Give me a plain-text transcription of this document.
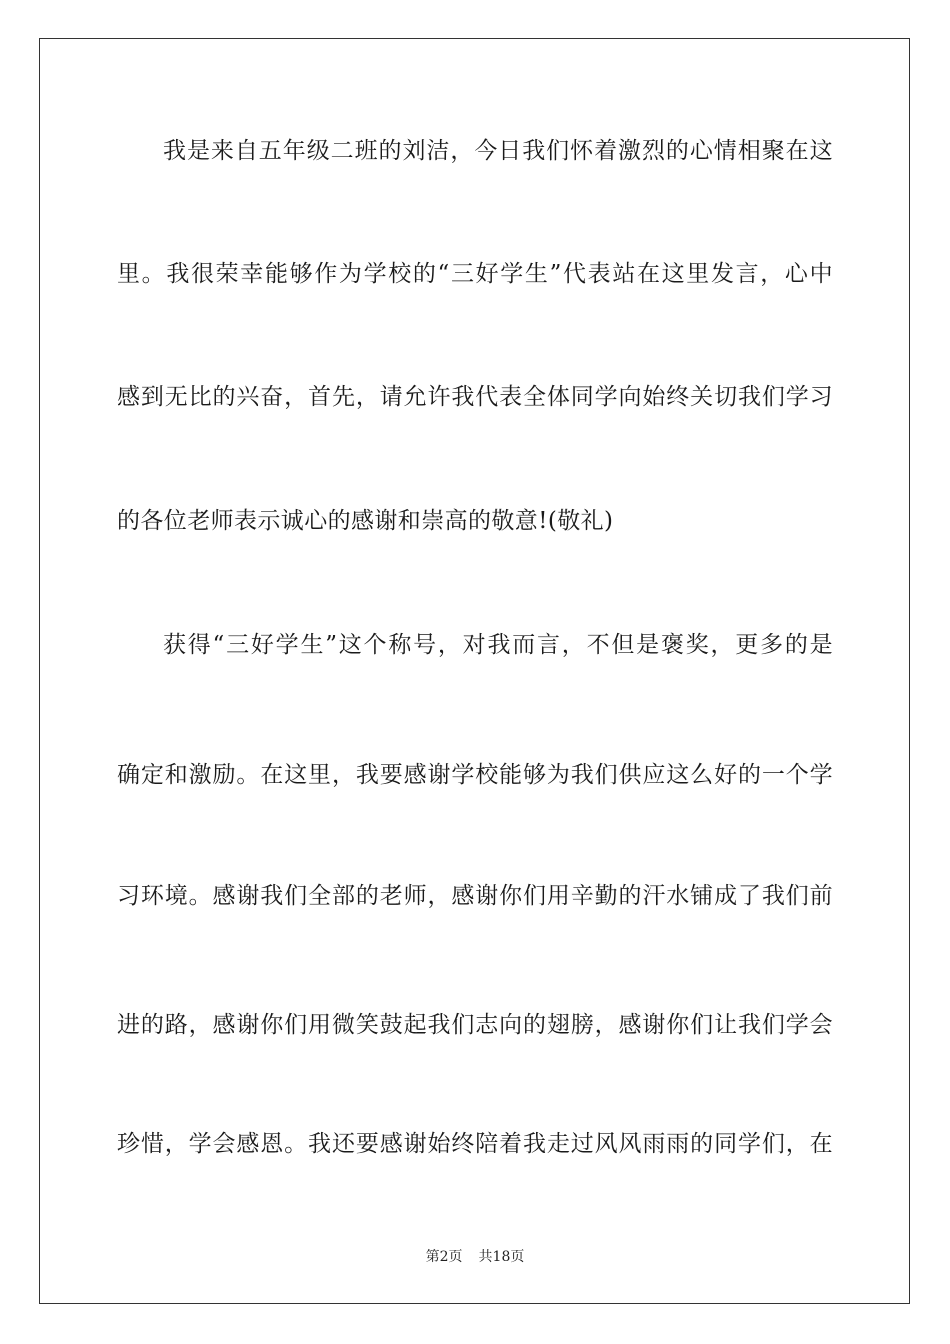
我是来自五年级二班的刘洁，今日我们怀着激烈的心情相聚在这
里。我很荣幸能够作为学校的“三好学生”代表站在这里发言，心中
感到无比的兴奋，首先，请允许我代表全体同学向始终关切我们学习
的各位老师表示诚心的感谢和崇高的敬意!(敬礼)
获得“三好学生”这个称号，对我而言，不但是褒奖，更多的是
确定和激励。在这里，我要感谢学校能够为我们供应这么好的一个学
习环境。感谢我们全部的老师，感谢你们用辛勤的汗水铺成了我们前
进的路，感谢你们用微笑鼓起我们志向的翅膀，感谢你们让我们学会
珍惜，学会感恩。我还要感谢始终陪着我走过风风雨雨的同学们，在
第2页 共18页
